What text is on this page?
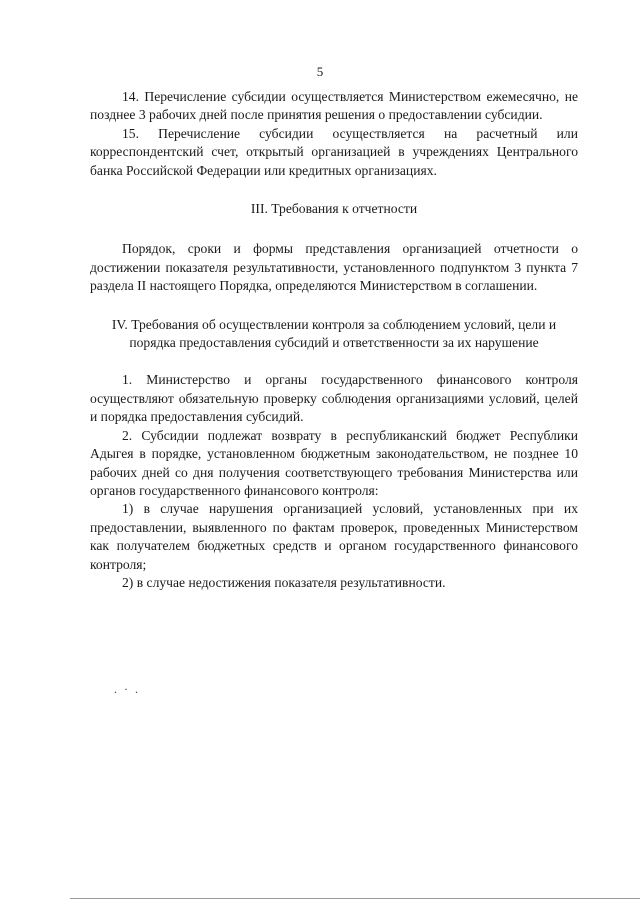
5

14. Перечисление субсидии осуществляется Министерством ежемесячно, не позднее 3 рабочих дней после принятия решения о предоставлении субсидии.

15. Перечисление субсидии осуществляется на расчетный или корреспондентский счет, открытый организацией в учреждениях Центрального банка Российской Федерации или кредитных организациях.

III. Требования к отчетности

Порядок, сроки и формы представления организацией отчетности о достижении показателя результативности, установленного подпунктом 3 пункта 7 раздела II настоящего Порядка, определяются Министерством в соглашении.

IV. Требования об осуществлении контроля за соблюдением условий, цели и

порядка предоставления субсидий и ответственности за их нарушение

1. Министерство и органы государственного финансового контроля осуществляют обязательную проверку соблюдения организациями условий, целей и порядка предоставления субсидий.

2. Субсидии подлежат возврату в республиканский бюджет Республики Адыгея в порядке, установленном бюджетным законодательством, не позднее 10 рабочих дней со дня получения соответствующего требования Министерства или органов государственного финансового контроля:

1) в случае нарушения организацией условий, установленных при их предоставлении, выявленного по фактам проверок, проведенных Министерством как получателем бюджетных средств и органом государственного финансового контроля;

2) в случае недостижения показателя результативности.

. · .
